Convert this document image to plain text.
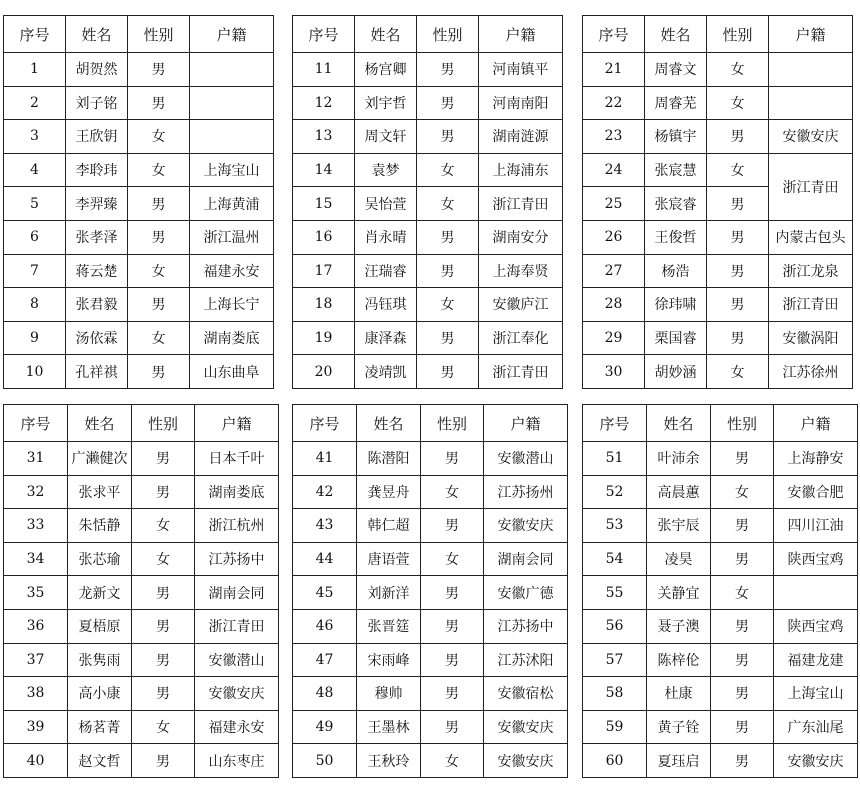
序号	姓名	性别	户籍
1	胡贺然	男	
2	刘子铭	男	
3	王欣钥	女	
4	李聆玮	女	上海宝山
5	李羿臻	男	上海黄浦
6	张孝泽	男	浙江温州
7	蒋云楚	女	福建永安
8	张君毅	男	上海长宁
9	汤依霖	女	湖南娄底
10	孔祥祺	男	山东曲阜
序号	姓名	性别	户籍
11	杨宫卿	男	河南镇平
12	刘宇哲	男	河南南阳
13	周文轩	男	湖南涟源
14	袁梦	女	上海浦东
15	吴怡萱	女	浙江青田
16	肖永晴	男	湖南安分
17	汪瑞睿	男	上海奉贤
18	冯钰琪	女	安徽庐江
19	康泽森	男	浙江奉化
20	凌靖凯	男	浙江青田
序号	姓名	性别	户籍
21	周睿文	女	
22	周睿芜	女	
23	杨镇宇	男	安徽安庆
24	张宸慧	女	浙江青田
25	张宸睿	男	
26	王俊哲	男	内蒙古包头
27	杨浩	男	浙江龙泉
28	徐玮啸	男	浙江青田
29	栗国睿	男	安徽涡阳
30	胡妙涵	女	江苏徐州
序号	姓名	性别	户籍
31	广濑健次	男	日本千叶
32	张求平	男	湖南娄底
33	朱恬静	女	浙江杭州
34	张芯瑜	女	江苏扬中
35	龙新文	男	湖南会同
36	夏梧原	男	浙江青田
37	张隽雨	男	安徽潜山
38	高小康	男	安徽安庆
39	杨茗菁	女	福建永安
40	赵文哲	男	山东枣庄
序号	姓名	性别	户籍
41	陈潜阳	男	安徽潜山
42	龚昱舟	女	江苏扬州
43	韩仁超	男	安徽安庆
44	唐语萱	女	湖南会同
45	刘新洋	男	安徽广德
46	张晋筳	男	江苏扬中
47	宋雨峰	男	江苏沭阳
48	穆帅	男	安徽宿松
49	王墨林	男	安徽安庆
50	王秋玲	女	安徽安庆
序号	姓名	性别	户籍
51	叶沛余	男	上海静安
52	高晨蕙	女	安徽合肥
53	张宇辰	男	四川江油
54	凌昊	男	陕西宝鸡
55	关静宜	女	
56	聂子澳	男	陕西宝鸡
57	陈梓伦	男	福建龙建
58	杜康	男	上海宝山
59	黄子铨	男	广东汕尾
60	夏珏启	男	安徽安庆
